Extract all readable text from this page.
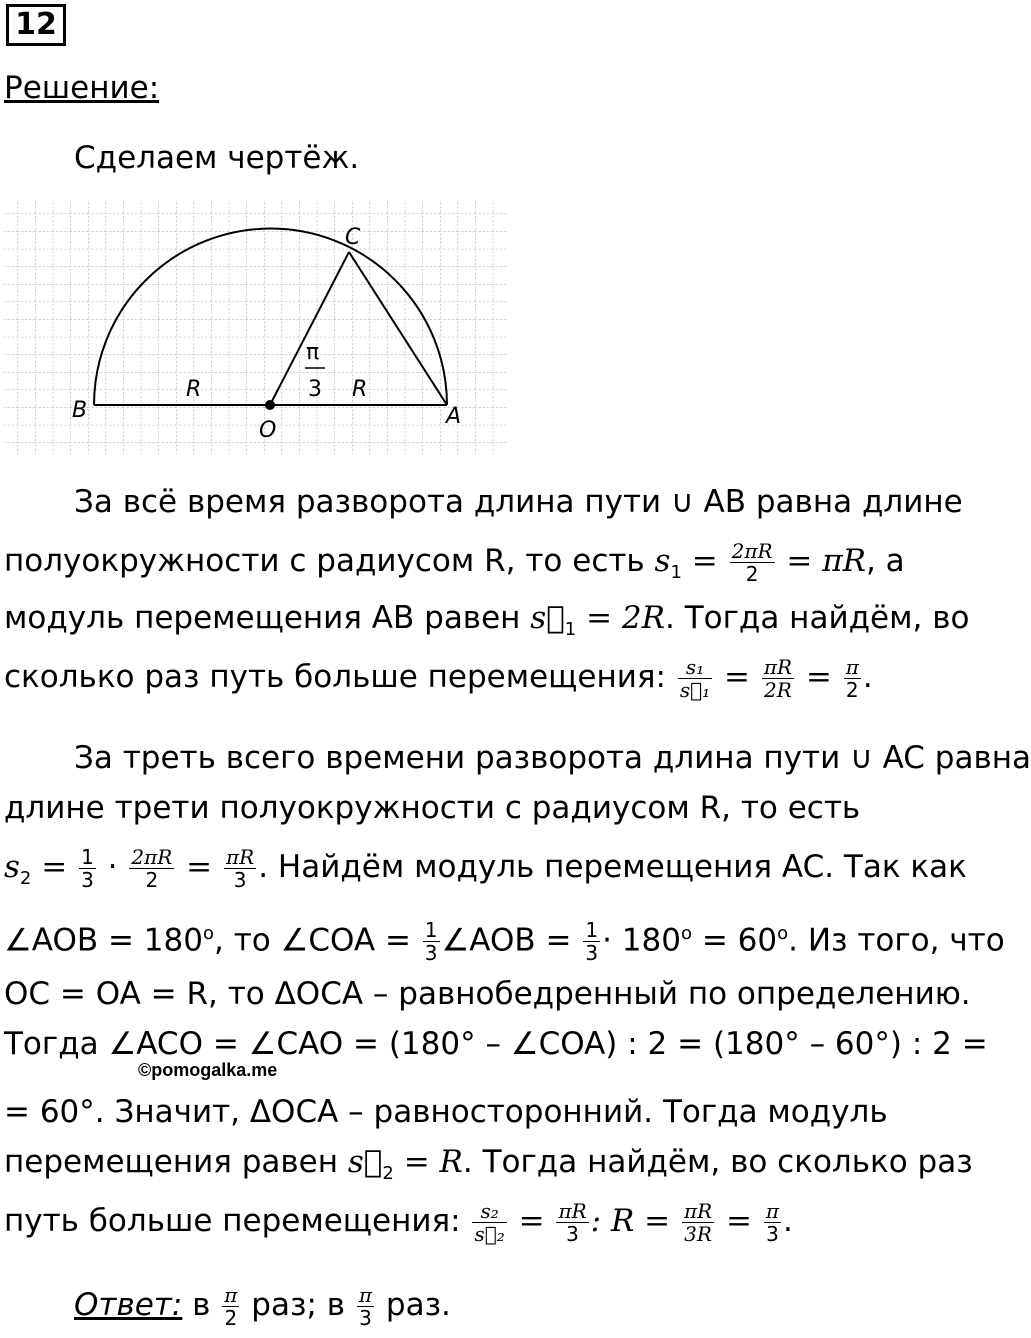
12
Решение:
Сделаем чертёж.
C
B
O
A
R	R
π
3
За всё время разворота длина пути ∪ AB равна длине
полуокружности с радиусом R, то есть $s_1 = \frac{2\pi R}{2} = \pi R$, а
модуль перемещения AB равен $s⃗_1 = 2R$. Тогда найдём, во
сколько раз путь больше перемещения: $\frac{\text{s₁}}{\text{s⃗₁}} = \frac{\pi R}{2R} = \frac{\pi}{2}$ .
За треть всего времени разворота длина пути ∪ AC равна
длине трети полуокружности с радиусом R, то есть
$s_2 = \frac{1}{3} \cdot \frac{2\pi R}{2} = \frac{\pi R}{3}$ . Найдём модуль перемещения AC. Так как
∠AOB = $180^o$, то ∠COA = $\frac{1}{3}$ ∠AOB = $\frac{1}{3} \cdot 180^o = 60^o$. Из того, что
OC = OA = R, то ΔOCA – равнобедренный по определению.
Тогда ∠ACO = ∠CAO = (180° – ∠COA) : 2 = (180° – 60°) : 2 =
©pomogalka.me
= 60°. Значит, ΔOCA – равносторонний. Тогда модуль
перемещения равен $s⃗_2 = R$. Тогда найдём, во сколько раз
путь больше перемещения: $\frac{\text{s₂}}{\text{s⃗₂}} = \frac{\pi R}{3}$ : $R = \frac{\pi R}{3R} = \frac{\pi}{3}$ .
Ответ: в $\frac{\pi}{2}$ раз; в $\frac{\pi}{3}$ раз.
